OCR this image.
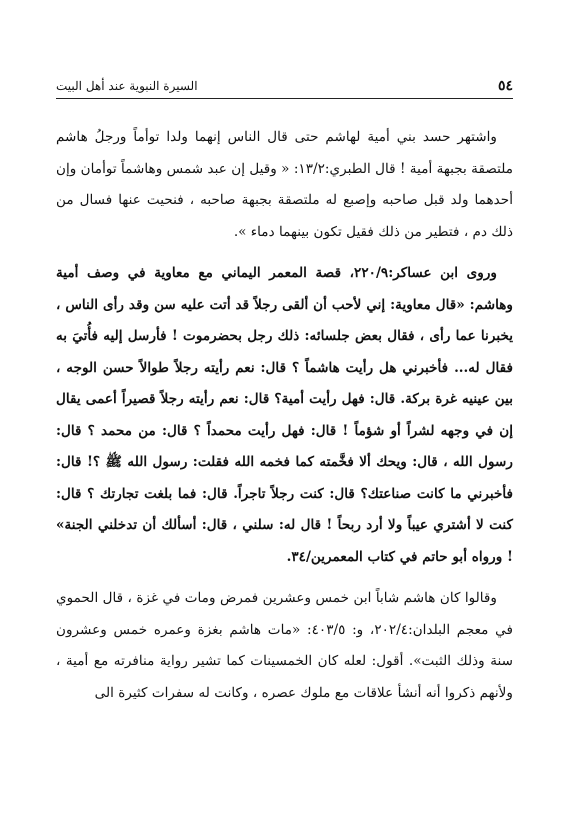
٥٤
السيرة النبوية عند أهل البيت

واشتهر حسد بني أمية لهاشم حتى قال الناس إنهما ولدا توأماً ورجلُ هاشم ملتصقة بجبهة أمية ! قال الطبري:١٣/٢: « وقيل إن عبد شمس وهاشماً توأمان وإن أحدهما ولد قبل صاحبه وإصبع له ملتصقة بجبهة صاحبه ، فنحيت عنها فسال من ذلك دم ، فتطير من ذلك فقيل تكون بينهما دماء ».

وروى ابن عساكر:٢٢٠/٩، قصة المعمر اليماني مع معاوية في وصف أمية وهاشم: «قال معاوية: إني لأحب أن ألقى رجلاً قد أتت عليه سن وقد رأى الناس ، يخبرنا عما رأى ، فقال بعض جلسائه: ذلك رجل بحضرموت ! فأرسل إليه فأُتيَ به فقال له... فأخبرني هل رأيت هاشماً ؟ قال: نعم رأيته رجلاً طوالاً حسن الوجه ، بين عينيه غرة بركة. قال: فهل رأيت أمية؟ قال: نعم رأيته رجلاً قصيراً أعمى يقال إن في وجهه لشراً أو شؤماً ! قال: فهل رأيت محمداً ؟ قال: من محمد ؟ قال: رسول الله ، قال: ويحك ألا فخَّمته كما فخمه الله فقلت: رسول الله ﷺ ؟! قال: فأخبرني ما كانت صناعتك؟ قال: كنت رجلاً تاجراً. قال: فما بلغت تجارتك ؟ قال: كنت لا أشتري عيباً ولا أرد ربحاً ! قال له: سلني ، قال: أسألك أن تدخلني الجنة» ! ورواه أبو حاتم في كتاب المعمرين/٣٤.

وقالوا كان هاشم شاباً ابن خمس وعشرين فمرض ومات في غزة ، قال الحموي في معجم البلدان:٢٠٢/٤، و: ٤٠٣/٥: «مات هاشم بغزة وعمره خمس وعشرون سنة وذلك الثبت». أقول: لعله كان الخمسينات كما تشير رواية منافرته مع أمية ، ولأنهم ذكروا أنه أنشأ علاقات مع ملوك عصره ، وكانت له سفرات كثيرة الى
